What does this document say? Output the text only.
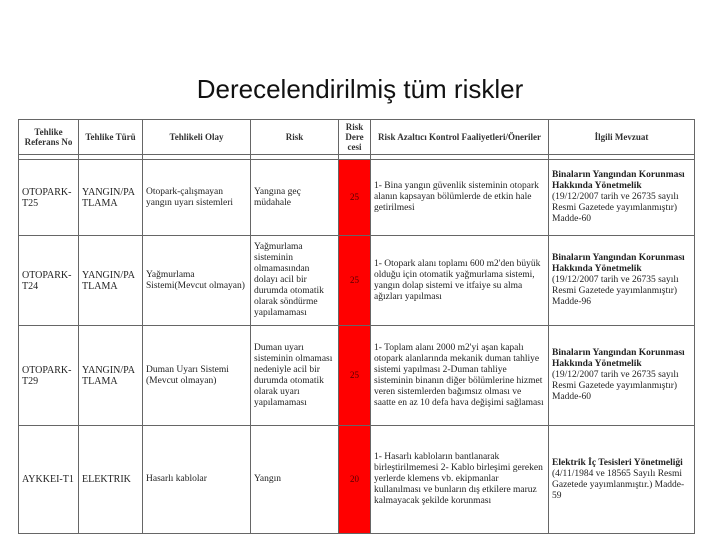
Derecelendirilmiş tüm riskler
Tehlike Referans No	Tehlike Türü	Tehlikeli Olay	Risk	Risk Dere cesi	Risk Azaltıcı Kontrol Faaliyetleri/Öneriler	İlgili Mevzuat

OTOPARK-T25	YANGIN/PA TLAMA	Otopark-çalışmayan yangın uyarı sistemleri	Yangına geç müdahale	25	1- Bina yangın güvenlik sisteminin otopark alanın kapsayan bölümlerde de etkin hale getirilmesi	Binaların Yangından Korunması Hakkında Yönetmelik
(19/12/2007 tarih ve 26735 sayılı Resmi Gazetede yayımlanmıştır) Madde-60
OTOPARK-T24	YANGIN/PA TLAMA	Yağmurlama Sistemi(Mevcut olmayan)	Yağmurlama sisteminin olmamasından dolayı acil bir durumda otomatik olarak söndürme yapılamaması	25	1- Otopark alanı toplamı 600 m2'den büyük olduğu için otomatik yağmurlama sistemi, yangın dolap sistemi ve itfaiye su alma ağızları yapılması	Binaların Yangından Korunması Hakkında Yönetmelik
(19/12/2007 tarih ve 26735 sayılı Resmi Gazetede yayımlanmıştır) Madde-96
OTOPARK-T29	YANGIN/PA TLAMA	Duman Uyarı Sistemi (Mevcut olmayan)	Duman uyarı sisteminin olmaması nedeniyle acil bir durumda otomatik olarak uyarı yapılamaması	25	1- Toplam alanı 2000 m2'yi aşan kapalı otopark alanlarında mekanik duman tahliye sistemi yapılması 2-Duman tahliye sisteminin binanın diğer bölümlerine hizmet veren sistemlerden bağımsız olması ve saatte en az 10 defa hava değişimi sağlaması	Binaların Yangından Korunması Hakkında Yönetmelik
(19/12/2007 tarih ve 26735 sayılı Resmi Gazetede yayımlanmıştır) Madde-60
AYKKEI-T1	ELEKTRIK	Hasarlı kablolar	Yangın	20	1- Hasarlı kabloların bantlanarak birleştirilmemesi 2- Kablo birleşimi gereken yerlerde klemens vb. ekipmanlar kullanılması ve bunların dış etkilere maruz kalmayacak şekilde korunması	Elektrik İç Tesisleri Yönetmeliği
(4/11/1984 ve 18565 Sayılı Resmi Gazetede yayımlanmıştır.) Madde-59
